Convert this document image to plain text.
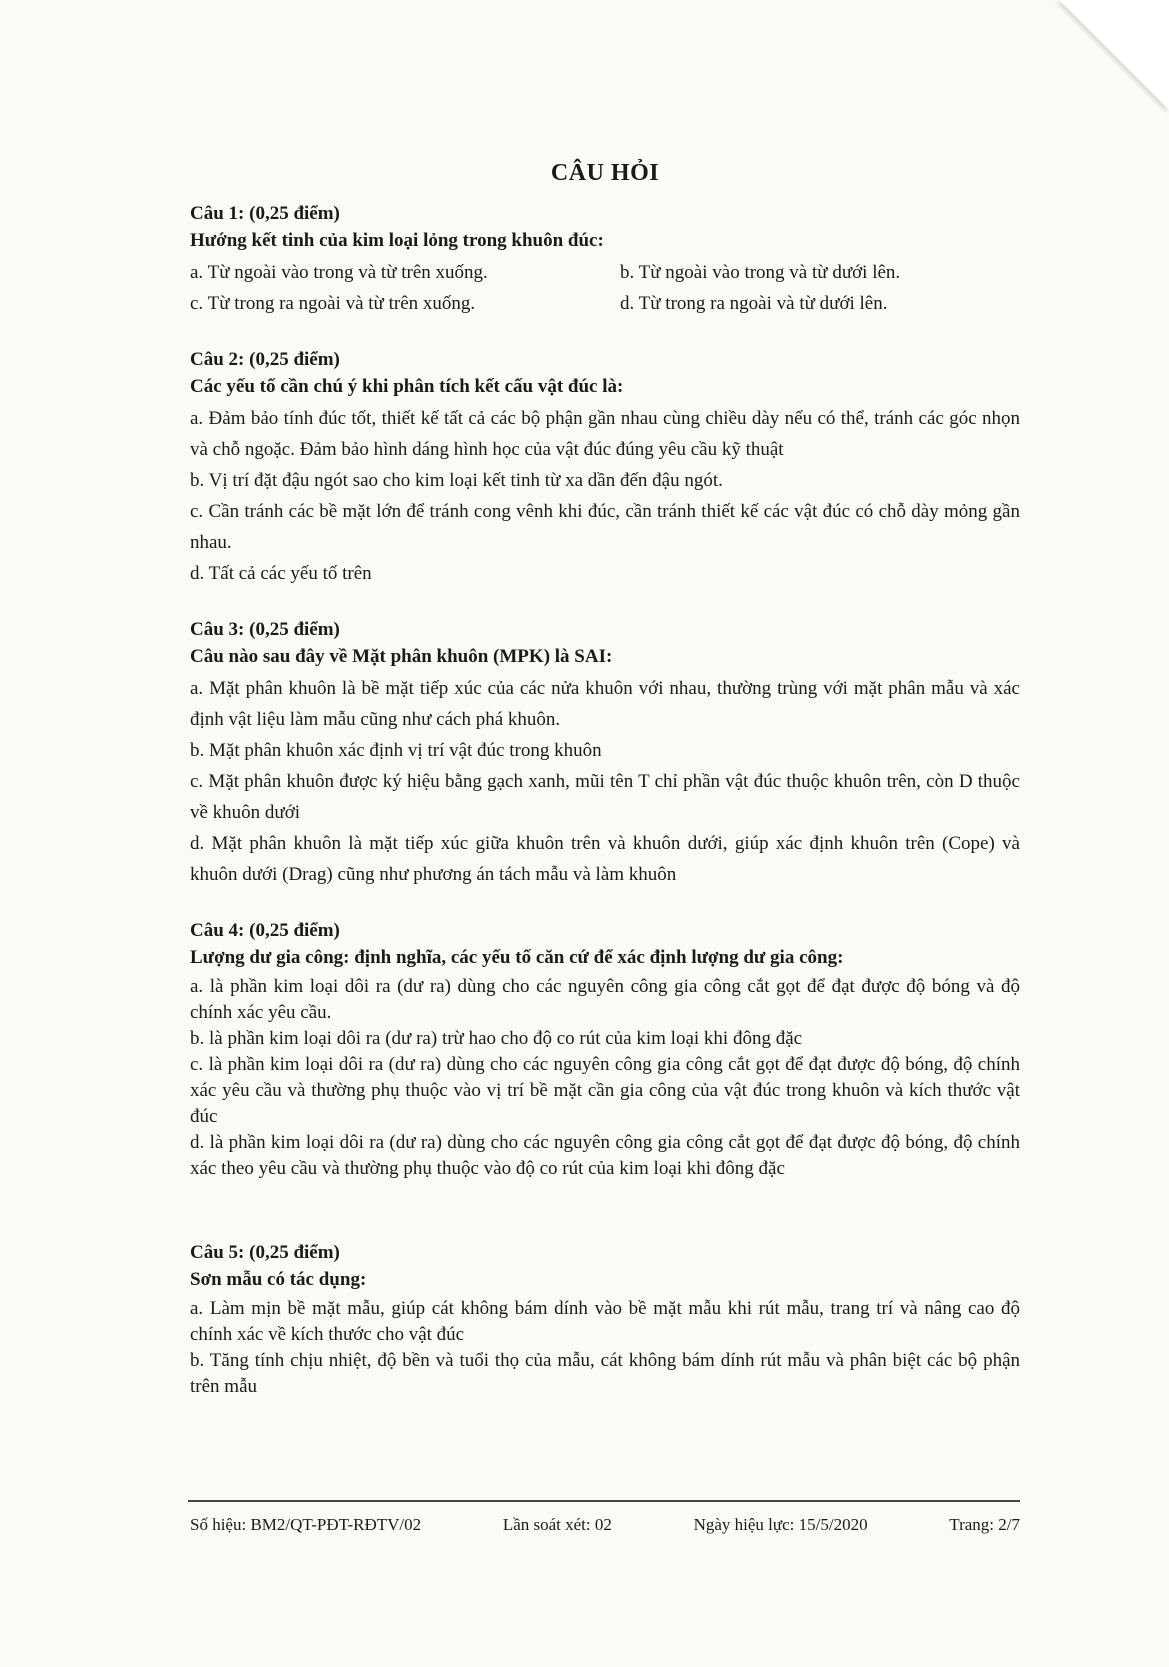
CÂU HỎI
Câu 1: (0,25 điểm)
Hướng kết tinh của kim loại lỏng trong khuôn đúc:
a. Từ ngoài vào trong và từ trên xuống.	b. Từ ngoài vào trong và từ dưới lên.
c. Từ trong ra ngoài và từ trên xuống.	d. Từ trong ra ngoài và từ dưới lên.
Câu 2: (0,25 điểm)
Các yếu tố cần chú ý khi phân tích kết cấu vật đúc là:
a. Đảm bảo tính đúc tốt, thiết kế tất cả các bộ phận gần nhau cùng chiều dày nếu có thể, tránh các góc nhọn và chỗ ngoặc. Đảm bảo hình dáng hình học của vật đúc đúng yêu cầu kỹ thuật
b. Vị trí đặt đậu ngót sao cho kim loại kết tinh từ xa dần đến đậu ngót.
c. Cần tránh các bề mặt lớn để tránh cong vênh khi đúc, cần tránh thiết kế các vật đúc có chỗ dày mỏng gần nhau.
d. Tất cả các yếu tố trên
Câu 3: (0,25 điểm)
Câu nào sau đây về Mặt phân khuôn (MPK) là SAI:
a. Mặt phân khuôn là bề mặt tiếp xúc của các nửa khuôn với nhau, thường trùng với mặt phân mẫu và xác định vật liệu làm mẫu cũng như cách phá khuôn.
b. Mặt phân khuôn xác định vị trí vật đúc trong khuôn
c. Mặt phân khuôn được ký hiệu bằng gạch xanh, mũi tên T chỉ phần vật đúc thuộc khuôn trên, còn D thuộc về khuôn dưới
d. Mặt phân khuôn là mặt tiếp xúc giữa khuôn trên và khuôn dưới, giúp xác định khuôn trên (Cope) và khuôn dưới (Drag) cũng như phương án tách mẫu và làm khuôn
Câu 4: (0,25 điểm)
Lượng dư gia công: định nghĩa, các yếu tố căn cứ để xác định lượng dư gia công:
a. là phần kim loại dôi ra (dư ra) dùng cho các nguyên công gia công cắt gọt để đạt được độ bóng và độ chính xác yêu cầu.
b. là phần kim loại dôi ra (dư ra) trừ hao cho độ co rút của kim loại khi đông đặc
c. là phần kim loại dôi ra (dư ra) dùng cho các nguyên công gia công cắt gọt để đạt được độ bóng, độ chính xác yêu cầu và thường phụ thuộc vào vị trí bề mặt cần gia công của vật đúc trong khuôn và kích thước vật đúc
d. là phần kim loại dôi ra (dư ra) dùng cho các nguyên công gia công cắt gọt để đạt được độ bóng, độ chính xác theo yêu cầu và thường phụ thuộc vào độ co rút của kim loại khi đông đặc
Câu 5: (0,25 điểm)
Sơn mẫu có tác dụng:
a. Làm mịn bề mặt mẫu, giúp cát không bám dính vào bề mặt mẫu khi rút mẫu, trang trí và nâng cao độ chính xác về kích thước cho vật đúc
b. Tăng tính chịu nhiệt, độ bền và tuổi thọ của mẫu, cát không bám dính rút mẫu và phân biệt các bộ phận trên mẫu
Số hiệu: BM2/QT-PĐT-RĐTV/02	Lần soát xét: 02	Ngày hiệu lực: 15/5/2020	Trang: 2/7
